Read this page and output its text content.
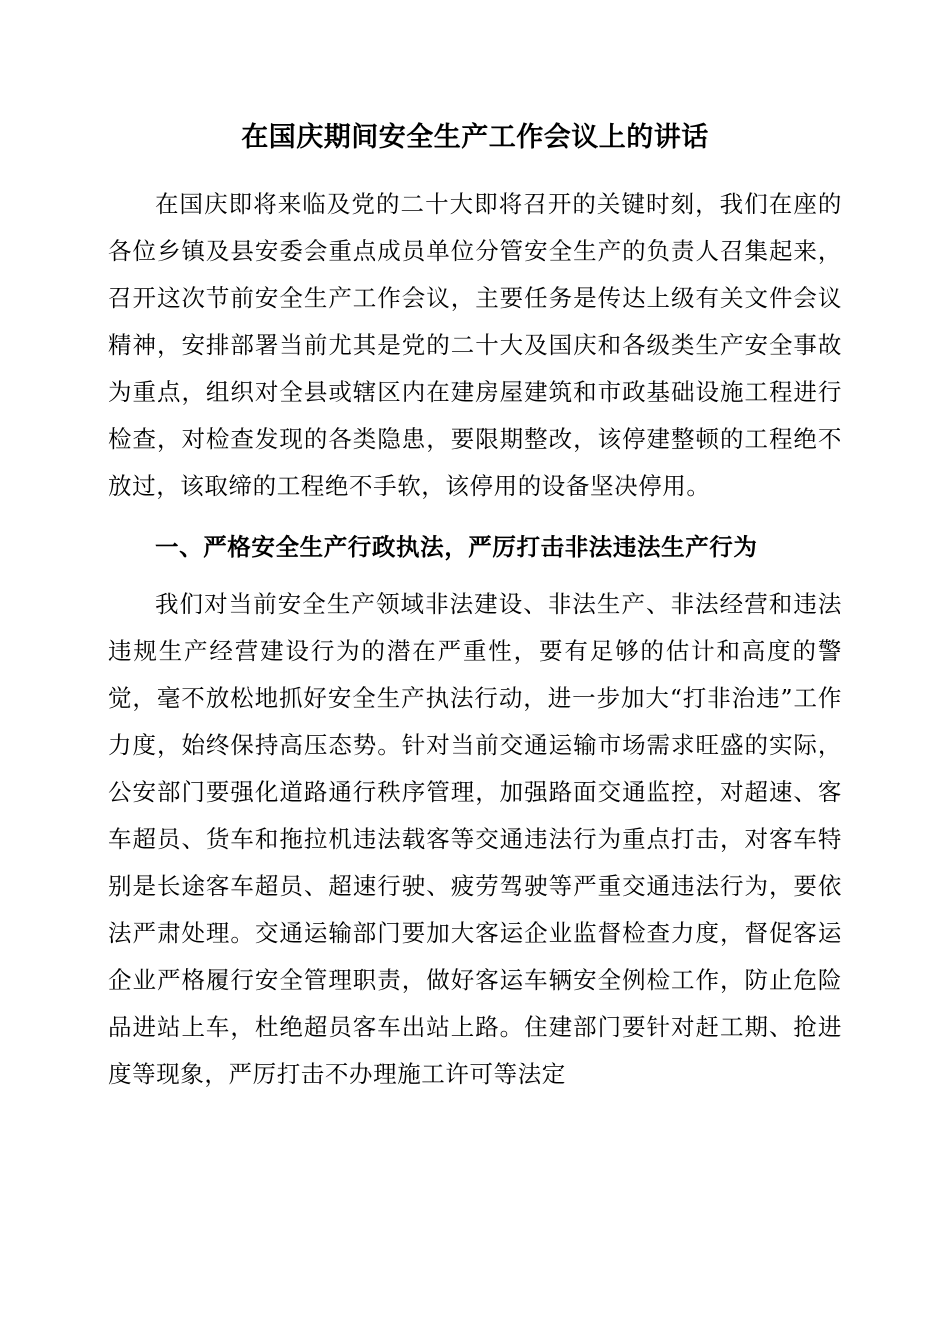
在国庆期间安全生产工作会议上的讲话

在国庆即将来临及党的二十大即将召开的关键时刻，我们在座的各位乡镇及县安委会重点成员单位分管安全生产的负责人召集起来，召开这次节前安全生产工作会议，主要任务是传达上级有关文件会议精神，安排部署当前尤其是党的二十大及国庆和各级类生产安全事故为重点，组织对全县或辖区内在建房屋建筑和市政基础设施工程进行检查，对检查发现的各类隐患，要限期整改，该停建整顿的工程绝不放过，该取缔的工程绝不手软，该停用的设备坚决停用。

一、严格安全生产行政执法，严厉打击非法违法生产行为

我们对当前安全生产领域非法建设、非法生产、非法经营和违法违规生产经营建设行为的潜在严重性，要有足够的估计和高度的警觉，毫不放松地抓好安全生产执法行动，进一步加大“打非治违”工作力度，始终保持高压态势。针对当前交通运输市场需求旺盛的实际，公安部门要强化道路通行秩序管理，加强路面交通监控，对超速、客车超员、货车和拖拉机违法载客等交通违法行为重点打击，对客车特别是长途客车超员、超速行驶、疲劳驾驶等严重交通违法行为，要依法严肃处理。交通运输部门要加大客运企业监督检查力度，督促客运企业严格履行安全管理职责，做好客运车辆安全例检工作，防止危险品进站上车，杜绝超员客车出站上路。住建部门要针对赶工期、抢进度等现象，严厉打击不办理施工许可等法定
